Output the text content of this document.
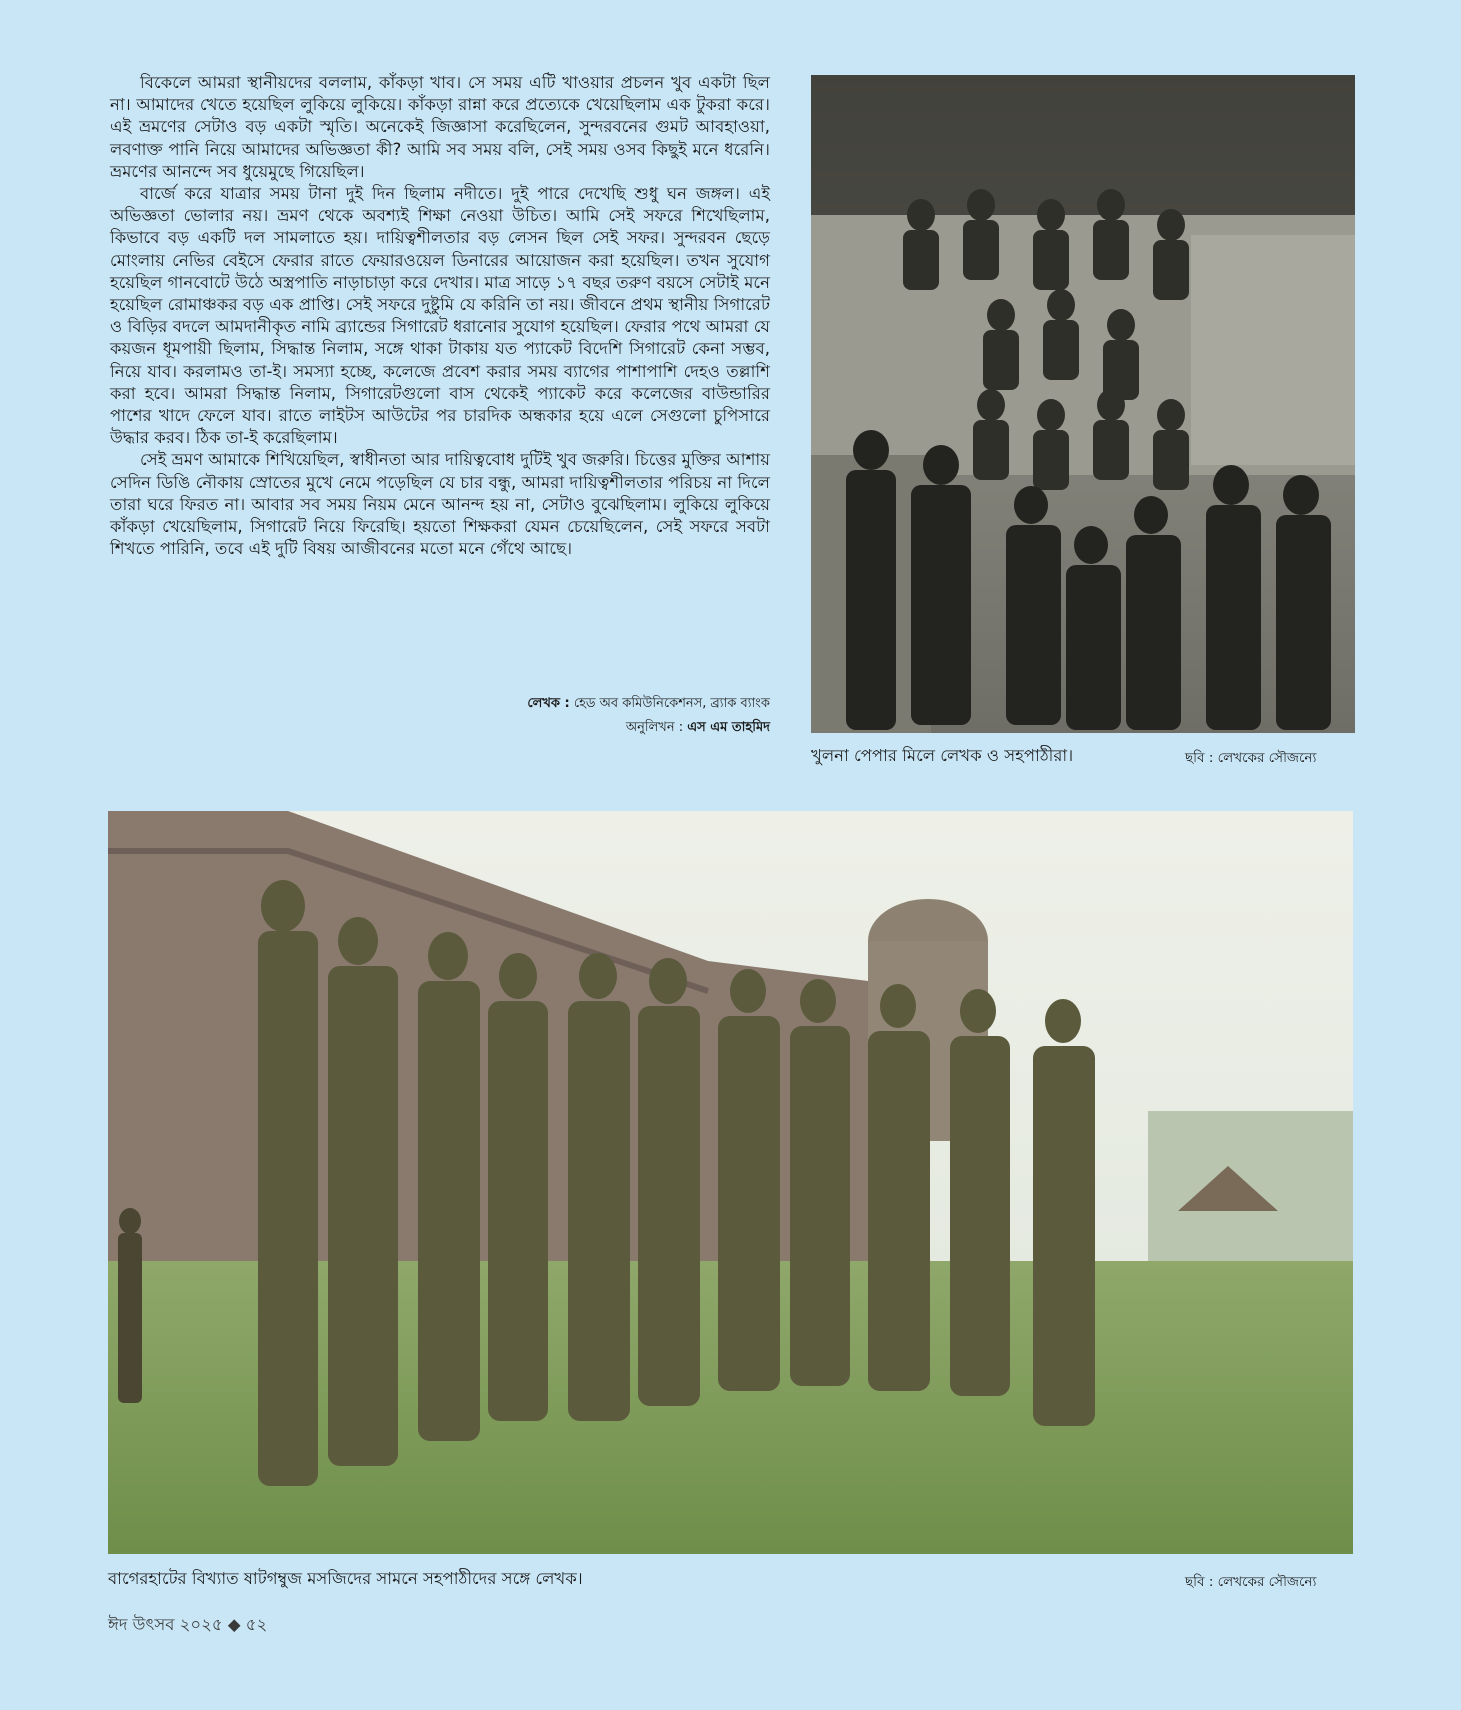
বিকেলে আমরা স্থানীয়দের বললাম, কাঁকড়া খাব। সে সময় এটি খাওয়ার প্রচলন খুব একটা ছিল না। আমাদের খেতে হয়েছিল লুকিয়ে লুকিয়ে। কাঁকড়া রান্না করে প্রত্যেকে খেয়েছিলাম এক টুকরা করে। এই ভ্রমণের সেটাও বড় একটা স্মৃতি। অনেকেই জিজ্ঞাসা করেছিলেন, সুন্দরবনের গুমট আবহাওয়া, লবণাক্ত পানি নিয়ে আমাদের অভিজ্ঞতা কী? আমি সব সময় বলি, সেই সময় ওসব কিছুই মনে ধরেনি। ভ্রমণের আনন্দে সব ধুয়েমুছে গিয়েছিল।

বার্জে করে যাত্রার সময় টানা দুই দিন ছিলাম নদীতে। দুই পারে দেখেছি শুধু ঘন জঙ্গল। এই অভিজ্ঞতা ভোলার নয়। ভ্রমণ থেকে অবশ্যই শিক্ষা নেওয়া উচিত। আমি সেই সফরে শিখেছিলাম, কিভাবে বড় একটি দল সামলাতে হয়। দায়িত্বশীলতার বড় লেসন ছিল সেই সফর। সুন্দরবন ছেড়ে মোংলায় নেভির বেইসে ফেরার রাতে ফেয়ারওয়েল ডিনারের আয়োজন করা হয়েছিল। তখন সুযোগ হয়েছিল গানবোটে উঠে অস্ত্রপাতি নাড়াচাড়া করে দেখার। মাত্র সাড়ে ১৭ বছর তরুণ বয়সে সেটাই মনে হয়েছিল রোমাঞ্চকর বড় এক প্রাপ্তি। সেই সফরে দুষ্টুমি যে করিনি তা নয়। জীবনে প্রথম স্থানীয় সিগারেট ও বিড়ির বদলে আমদানীকৃত নামি ব্র্যান্ডের সিগারেট ধরানোর সুযোগ হয়েছিল। ফেরার পথে আমরা যে কয়জন ধূমপায়ী ছিলাম, সিদ্ধান্ত নিলাম, সঙ্গে থাকা টাকায় যত প্যাকেট বিদেশি সিগারেট কেনা সম্ভব, নিয়ে যাব। করলামও তা-ই। সমস্যা হচ্ছে, কলেজে প্রবেশ করার সময় ব্যাগের পাশাপাশি দেহও তল্লাশি করা হবে। আমরা সিদ্ধান্ত নিলাম, সিগারেটগুলো বাস থেকেই প্যাকেট করে কলেজের বাউন্ডারির পাশের খাদে ফেলে যাব। রাতে লাইটস আউটের পর চারদিক অন্ধকার হয়ে এলে সেগুলো চুপিসারে উদ্ধার করব। ঠিক তা-ই করেছিলাম।

সেই ভ্রমণ আমাকে শিখিয়েছিল, স্বাধীনতা আর দায়িত্ববোধ দুটিই খুব জরুরি। চিত্তের মুক্তির আশায় সেদিন ডিঙি নৌকায় স্রোতের মুখে নেমে পড়েছিল যে চার বন্ধু, আমরা দায়িত্বশীলতার পরিচয় না দিলে তারা ঘরে ফিরত না। আবার সব সময় নিয়ম মেনে আনন্দ হয় না, সেটাও বুঝেছিলাম। লুকিয়ে লুকিয়ে কাঁকড়া খেয়েছিলাম, সিগারেট নিয়ে ফিরেছি। হয়তো শিক্ষকরা যেমন চেয়েছিলেন, সেই সফরে সবটা শিখতে পারিনি, তবে এই দুটি বিষয় আজীবনের মতো মনে গেঁথে আছে।

লেখক : হেড অব কমিউনিকেশনস, ব্র্যাক ব্যাংক
অনুলিখন : এস এম তাহমিদ
খুলনা পেপার মিলে লেখক ও সহপাঠীরা।	ছবি : লেখকের সৌজন্যে
বাগেরহাটের বিখ্যাত ষাটগম্বুজ মসজিদের সামনে সহপাঠীদের সঙ্গে লেখক।	ছবি : লেখকের সৌজন্যে
ঈদ উৎসব ২০২৫ ◆ ৫২
